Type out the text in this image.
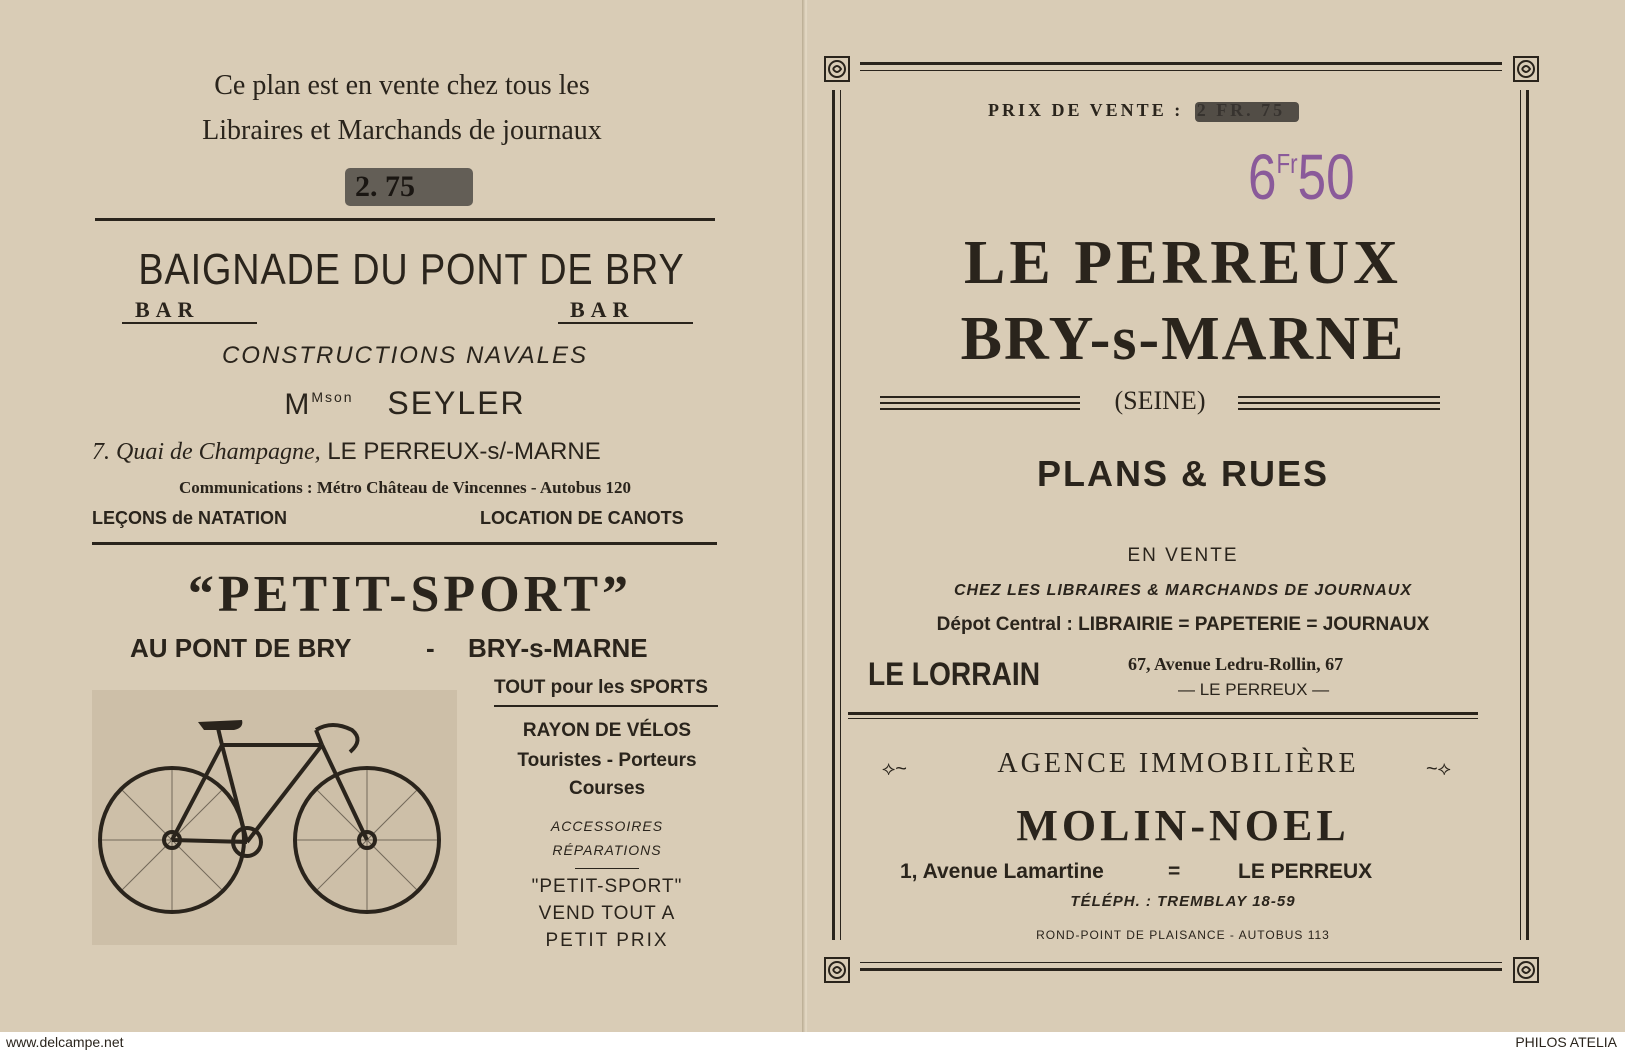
Ce plan est en vente chez tous les
Libraires et Marchands de journaux
2. 75
BAIGNADE DU PONT DE BRY
BAR	BAR
CONSTRUCTIONS NAVALES
$M^{Mson}$ SEYLER
7. Quai de Champagne, LE PERREUX-s/-MARNE
Communications : Métro Château de Vincennes - Autobus 120
LEÇONS de NATATION	LOCATION DE CANOTS
“PETIT-SPORT”
AU PONT DE BRY	- BRY-s-MARNE
TOUT pour les SPORTS
RAYON DE VÉLOS
Touristes - Porteurs
Courses
ACCESSOIRES
RÉPARATIONS
"PETIT-SPORT"
VEND TOUT A
PETIT PRIX
PRIX DE VENTE :
$6^{Fr}50$
LE PERREUX
BRY-s-MARNE
(SEINE)
PLANS & RUES
EN VENTE
CHEZ LES LIBRAIRES & MARCHANDS DE JOURNAUX
Dépot Central : LIBRAIRIE = PAPETERIE = JOURNAUX
LE LORRAIN	67, Avenue Ledru-Rollin, 67
— LE PERREUX —
⟡~	AGENCE IMMOBILIÈRE	~⟡
MOLIN-NOEL
1, Avenue Lamartine	=	LE PERREUX
TÉLÉPH. : TREMBLAY 18-59
ROND-POINT DE PLAISANCE - AUTOBUS 113
www.delcampe.net	PHILOS ATELIA
